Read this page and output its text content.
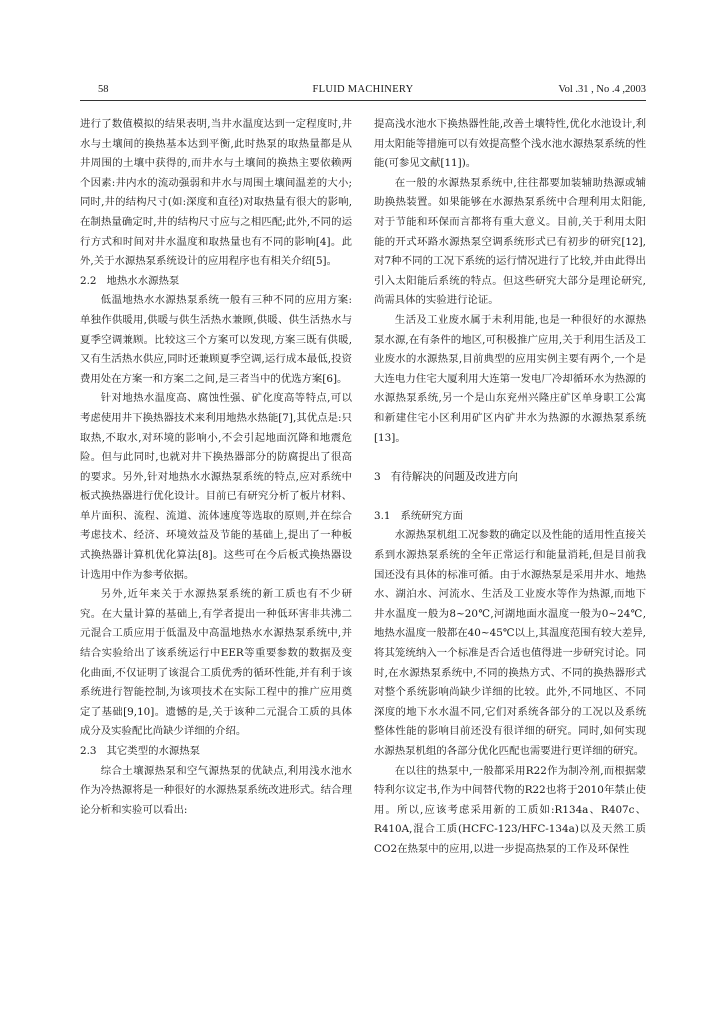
58	FLUID MACHINERY	Vol .31 , No .4 ,2003

进行了数值模拟的结果表明,当井水温度达到一定程度时,井水与土壤间的换热基本达到平衡,此时热泵的取热量都是从井周围的土壤中获得的,而井水与土壤间的换热主要依赖两个因素:井内水的流动强弱和井水与周围土壤间温差的大小;同时,井的结构尺寸(如:深度和直径)对取热量有很大的影响,在制热量确定时,井的结构尺寸应与之相匹配;此外,不同的运行方式和时间对井水温度和取热量也有不同的影响[4]。此外,关于水源热泵系统设计的应用程序也有相关介绍[5]。

2.2 地热水水源热泵

低温地热水水源热泵系统一般有三种不同的应用方案:单独作供暖用,供暖与供生活热水兼顾,供暖、供生活热水与夏季空调兼顾。比较这三个方案可以发现,方案三既有供暖,又有生活热水供应,同时还兼顾夏季空调,运行成本最低,投资费用处在方案一和方案二之间,是三者当中的优选方案[6]。

针对地热水温度高、腐蚀性强、矿化度高等特点,可以考虑使用井下换热器技术来利用地热水热能[7],其优点是:只取热,不取水,对环境的影响小,不会引起地面沉降和地震危险。但与此同时,也就对井下换热器部分的防腐提出了很高的要求。另外,针对地热水水源热泵系统的特点,应对系统中板式换热器进行优化设计。目前已有研究分析了板片材料、单片面积、流程、流道、流体速度等选取的原则,并在综合考虑技术、经济、环境效益及节能的基础上,提出了一种板式换热器计算机优化算法[8]。这些可在今后板式换热器设计选用中作为参考依据。

另外,近年来关于水源热泵系统的新工质也有不少研究。在大量计算的基础上,有学者提出一种低环害非共沸二元混合工质应用于低温及中高温地热水水源热泵系统中,并结合实验给出了该系统运行中EER等重要参数的数据及变化曲面,不仅证明了该混合工质优秀的循环性能,并有利于该系统进行智能控制,为该项技术在实际工程中的推广应用奠定了基础[9,10]。遗憾的是,关于该种二元混合工质的具体成分及实验配比尚缺少详细的介绍。

2.3 其它类型的水源热泵

综合土壤源热泵和空气源热泵的优缺点,利用浅水池水作为冷热源将是一种很好的水源热泵系统改进形式。结合理论分析和实验可以看出:

提高浅水池水下换热器性能,改善土壤特性,优化水池设计,利用太阳能等措施可以有效提高整个浅水池水源热泵系统的性能(可参见文献[11])。

在一般的水源热泵系统中,往往都要加装辅助热源或辅助换热装置。如果能够在水源热泵系统中合理利用太阳能,对于节能和环保而言都将有重大意义。目前,关于利用太阳能的开式环路水源热泵空调系统形式已有初步的研究[12],对7种不同的工况下系统的运行情况进行了比较,并由此得出引入太阳能后系统的特点。但这些研究大部分是理论研究,尚需具体的实验进行论证。

生活及工业废水属于未利用能,也是一种很好的水源热泵水源,在有条件的地区,可积极推广应用,关于利用生活及工业废水的水源热泵,目前典型的应用实例主要有两个,一个是大连电力住宅大厦利用大连第一发电厂冷却循环水为热源的水源热泵系统,另一个是山东兖州兴隆庄矿区单身职工公寓和新建住宅小区利用矿区内矿井水为热源的水源热泵系统[13]。

3 有待解决的问题及改进方向
3.1 系统研究方面

水源热泵机组工况参数的确定以及性能的适用性直接关系到水源热泵系统的全年正常运行和能量消耗,但是目前我国还没有具体的标准可循。由于水源热泵是采用井水、地热水、湖泊水、河流水、生活及工业废水等作为热源,而地下井水温度一般为8~20℃,河湖地面水温度一般为0~24℃,地热水温度一般都在40~45℃以上,其温度范围有较大差异,将其笼统纳入一个标准是否合适也值得进一步研究讨论。同时,在水源热泵系统中,不同的换热方式、不同的换热器形式对整个系统影响尚缺少详细的比较。此外,不同地区、不同深度的地下水水温不同,它们对系统各部分的工况以及系统整体性能的影响目前还没有很详细的研究。同时,如何实现水源热泵机组的各部分优化匹配也需要进行更详细的研究。

在以往的热泵中,一般都采用R22作为制冷剂,而根据蒙特利尔议定书,作为中间替代物的R22也将于2010年禁止使用。所以,应该考虑采用新的工质如:R134a、R407c、R410A,混合工质(HCFC-123/HFC-134a)以及天然工质CO2在热泵中的应用,以进一步提高热泵的工作及环保性
